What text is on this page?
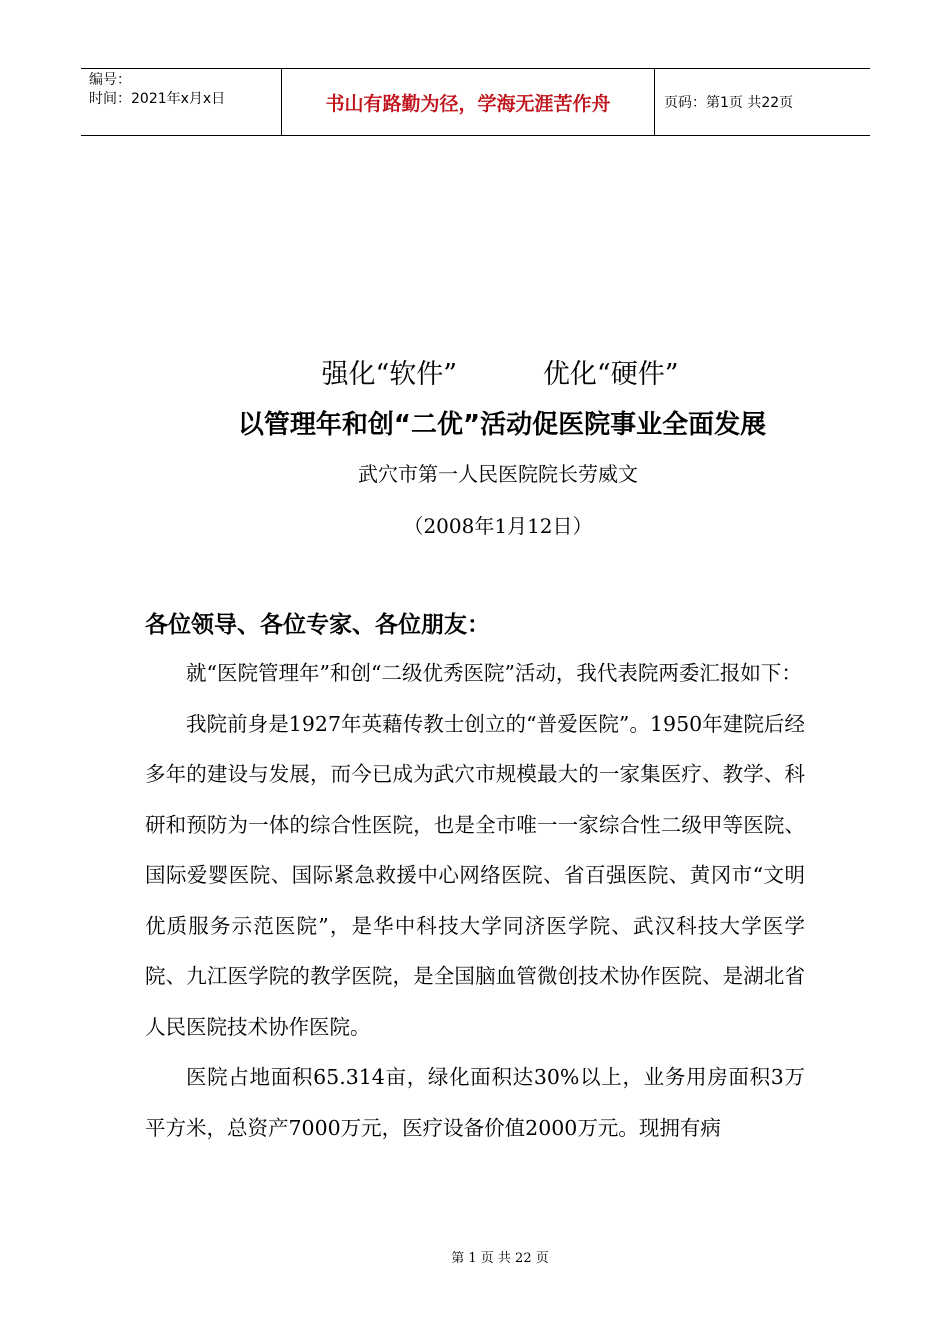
编号：
时间：2021年x月x日	书山有路勤为径，学海无涯苦作舟	页码：第1页 共22页
强化“软件”          优化“硬件”
以管理年和创“二优”活动促医院事业全面发展
武穴市第一人民医院院长劳威文
（2008年1月12日）
各位领导、各位专家、各位朋友：

就“医院管理年”和创“二级优秀医院”活动，我代表院两委汇报如下：

我院前身是1927年英藉传教士创立的“普爱医院”。1950年建院后经多年的建设与发展，而今已成为武穴市规模最大的一家集医疗、教学、科研和预防为一体的综合性医院，也是全市唯一一家综合性二级甲等医院、国际爱婴医院、国际紧急救援中心网络医院、省百强医院、黄冈市“文明优质服务示范医院”，是华中科技大学同济医学院、武汉科技大学医学院、九江医学院的教学医院，是全国脑血管微创技术协作医院、是湖北省人民医院技术协作医院。

医院占地面积65.314亩，绿化面积达30%以上，业务用房面积3万平方米，总资产7000万元，医疗设备价值2000万元。现拥有病

第 1 页 共 22 页
